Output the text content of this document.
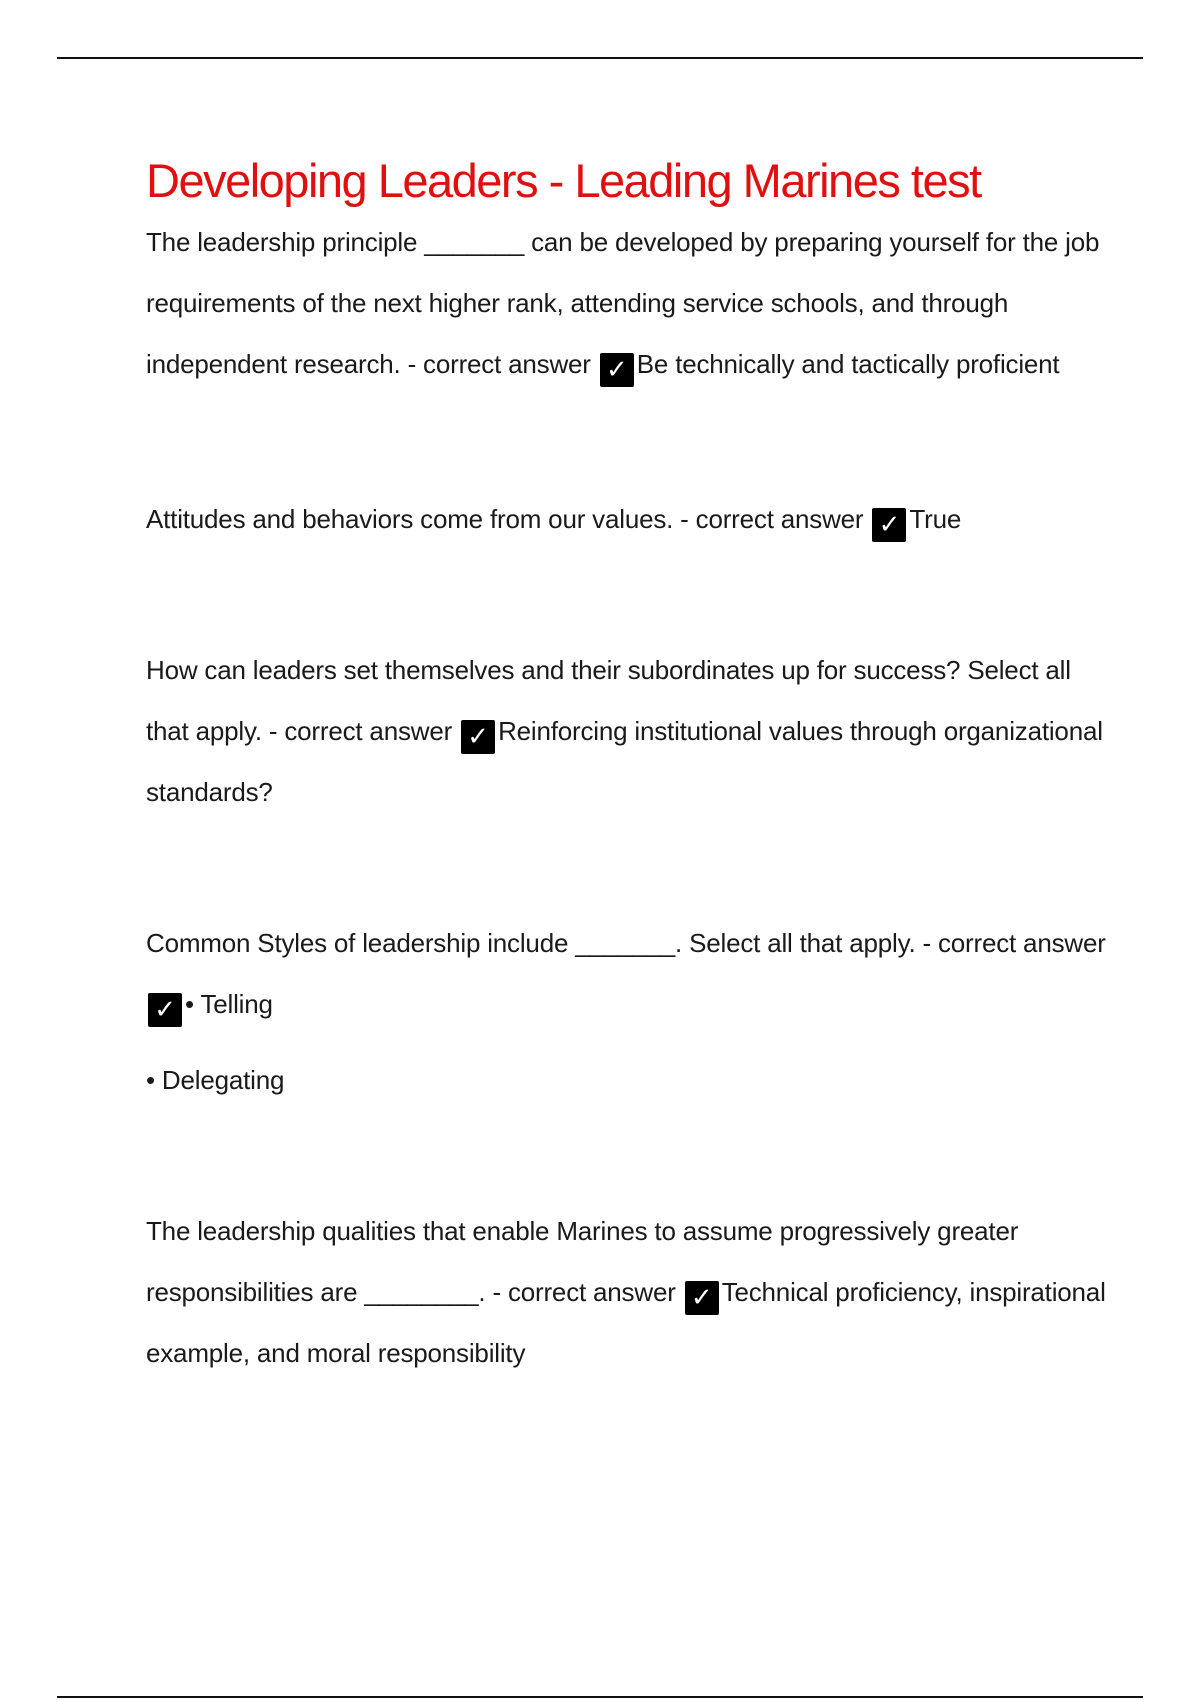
Developing Leaders - Leading Marines test

The leadership principle _______ can be developed by preparing yourself for the job requirements of the next higher rank, attending service schools, and through independent research. - correct answer ✓ Be technically and tactically proficient

Attitudes and behaviors come from our values. - correct answer ✓ True

How can leaders set themselves and their subordinates up for success? Select all that apply. - correct answer ✓ Reinforcing institutional values through organizational standards?

Common Styles of leadership include _______. Select all that apply. - correct answer ✓ • Telling

• Delegating

The leadership qualities that enable Marines to assume progressively greater responsibilities are ________. - correct answer ✓ Technical proficiency, inspirational example, and moral responsibility
